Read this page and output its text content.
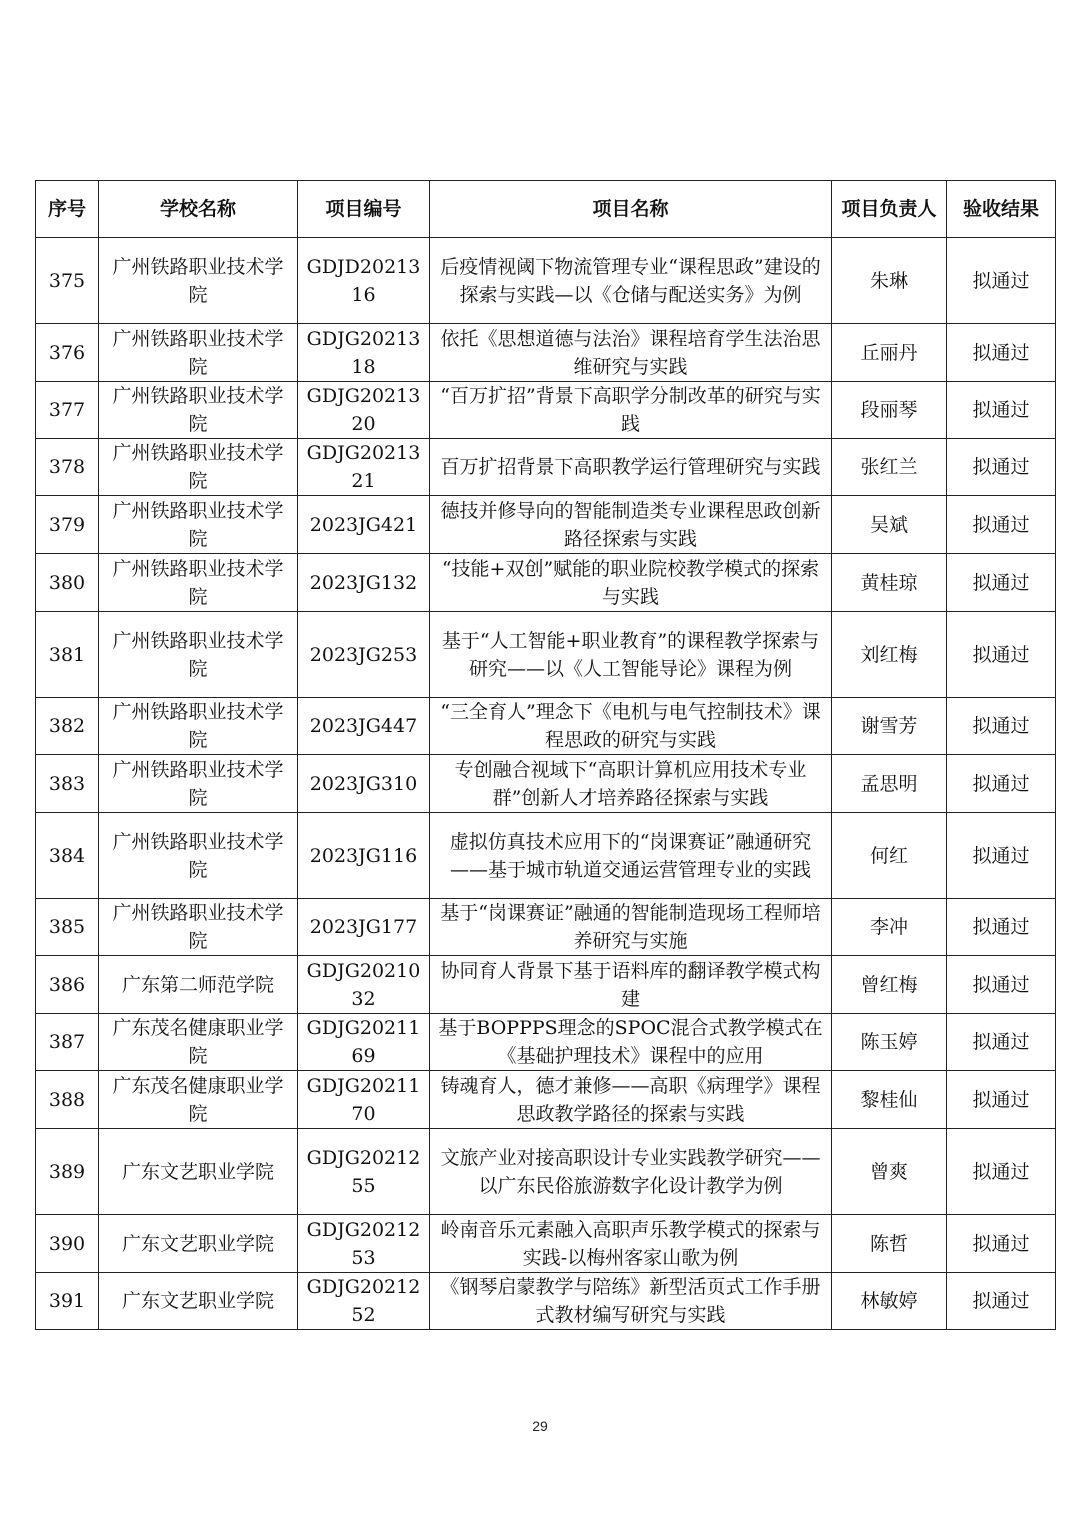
序号	学校名称	项目编号	项目名称	项目负责人	验收结果
375	广州铁路职业技术学院	GDJD2021316	后疫情视阈下物流管理专业“课程思政”建设的探索与实践—以《仓储与配送实务》为例	朱琳	拟通过
376	广州铁路职业技术学院	GDJG2021318	依托《思想道德与法治》课程培育学生法治思维研究与实践	丘丽丹	拟通过
377	广州铁路职业技术学院	GDJG2021320	“百万扩招”背景下高职学分制改革的研究与实践	段丽琴	拟通过
378	广州铁路职业技术学院	GDJG2021321	百万扩招背景下高职教学运行管理研究与实践	张红兰	拟通过
379	广州铁路职业技术学院	2023JG421	德技并修导向的智能制造类专业课程思政创新路径探索与实践	吴斌	拟通过
380	广州铁路职业技术学院	2023JG132	“技能+双创”赋能的职业院校教学模式的探索与实践	黄桂琼	拟通过
381	广州铁路职业技术学院	2023JG253	基于“人工智能+职业教育”的课程教学探索与研究——以《人工智能导论》课程为例	刘红梅	拟通过
382	广州铁路职业技术学院	2023JG447	“三全育人”理念下《电机与电气控制技术》课程思政的研究与实践	谢雪芳	拟通过
383	广州铁路职业技术学院	2023JG310	专创融合视域下“高职计算机应用技术专业群”创新人才培养路径探索与实践	孟思明	拟通过
384	广州铁路职业技术学院	2023JG116	虚拟仿真技术应用下的“岗课赛证”融通研究——基于城市轨道交通运营管理专业的实践	何红	拟通过
385	广州铁路职业技术学院	2023JG177	基于“岗课赛证”融通的智能制造现场工程师培养研究与实施	李冲	拟通过
386	广东第二师范学院	GDJG2021032	协同育人背景下基于语料库的翻译教学模式构建	曾红梅	拟通过
387	广东茂名健康职业学院	GDJG2021169	基于BOPPPS理念的SPOC混合式教学模式在《基础护理技术》课程中的应用	陈玉婷	拟通过
388	广东茂名健康职业学院	GDJG2021170	铸魂育人，德才兼修——高职《病理学》课程思政教学路径的探索与实践	黎桂仙	拟通过
389	广东文艺职业学院	GDJG2021255	文旅产业对接高职设计专业实践教学研究——以广东民俗旅游数字化设计教学为例	曾爽	拟通过
390	广东文艺职业学院	GDJG2021253	岭南音乐元素融入高职声乐教学模式的探索与实践-以梅州客家山歌为例	陈哲	拟通过
391	广东文艺职业学院	GDJG2021252	《钢琴启蒙教学与陪练》新型活页式工作手册式教材编写研究与实践	林敏婷	拟通过
29
